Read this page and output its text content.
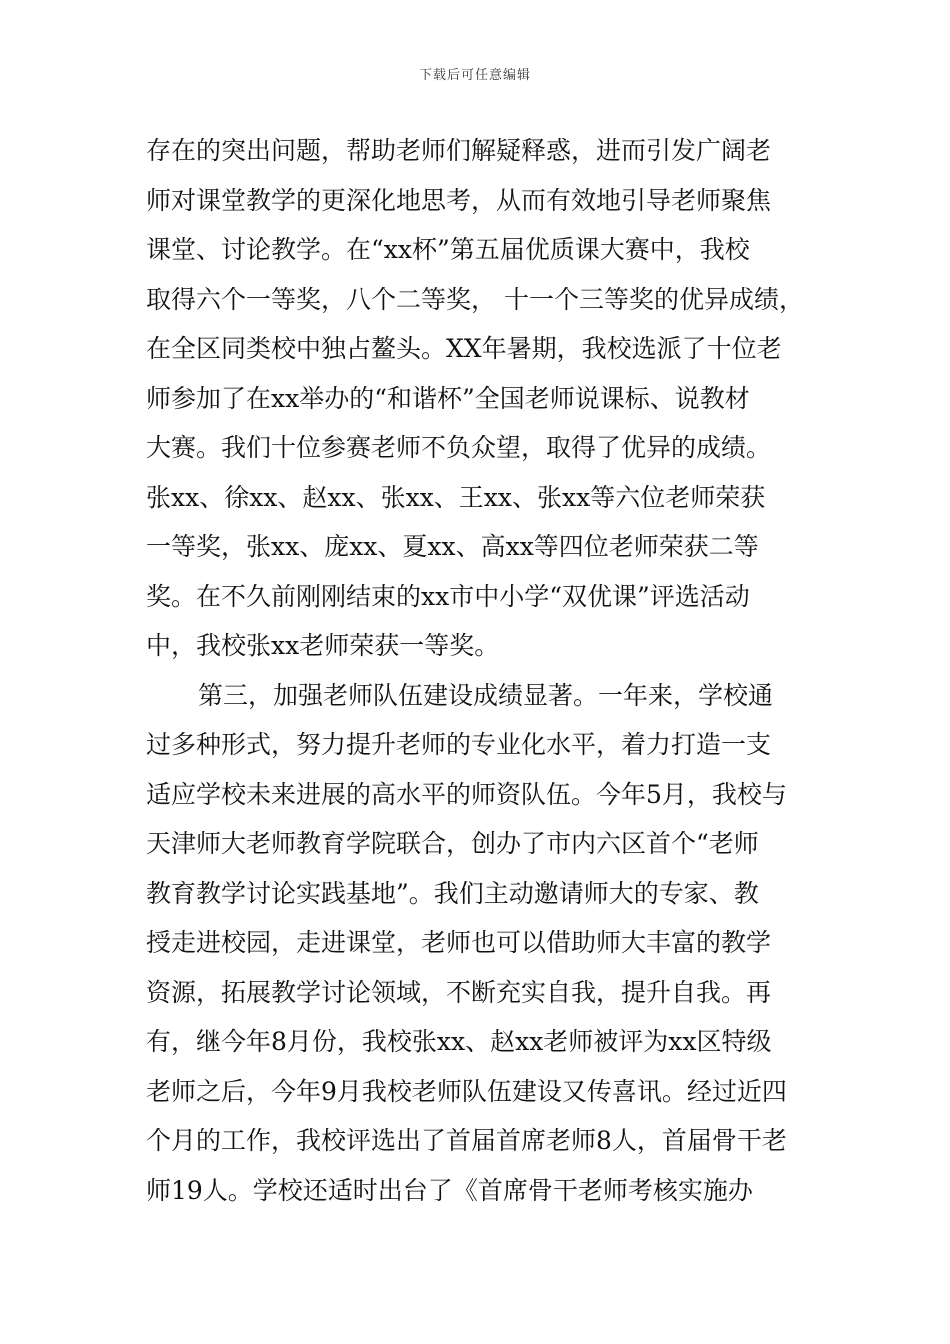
下载后可任意编辑
存在的突出问题，帮助老师们解疑释惑，进而引发广阔老
师对课堂教学的更深化地思考，从而有效地引导老师聚焦
课堂、讨论教学。在“xx杯”第五届优质课大赛中，我校
取得六个一等奖，八个二等奖， 十一个三等奖的优异成绩，
在全区同类校中独占鳌头。XX年暑期，我校选派了十位老
师参加了在xx举办的“和谐杯”全国老师说课标、说教材
大赛。我们十位参赛老师不负众望，取得了优异的成绩。
张xx、徐xx、赵xx、张xx、王xx、张xx等六位老师荣获
一等奖，张xx、庞xx、夏xx、高xx等四位老师荣获二等
奖。在不久前刚刚结束的xx市中小学“双优课”评选活动
中，我校张xx老师荣获一等奖。
第三，加强老师队伍建设成绩显著。一年来，学校通
过多种形式，努力提升老师的专业化水平，着力打造一支
适应学校未来进展的高水平的师资队伍。今年5月，我校与
天津师大老师教育学院联合，创办了市内六区首个“老师
教育教学讨论实践基地”。我们主动邀请师大的专家、教
授走进校园，走进课堂，老师也可以借助师大丰富的教学
资源，拓展教学讨论领域，不断充实自我，提升自我。再
有，继今年8月份，我校张xx、赵xx老师被评为xx区特级
老师之后，今年9月我校老师队伍建设又传喜讯。经过近四
个月的工作，我校评选出了首届首席老师8人，首届骨干老
师19人。学校还适时出台了《首席骨干老师考核实施办
